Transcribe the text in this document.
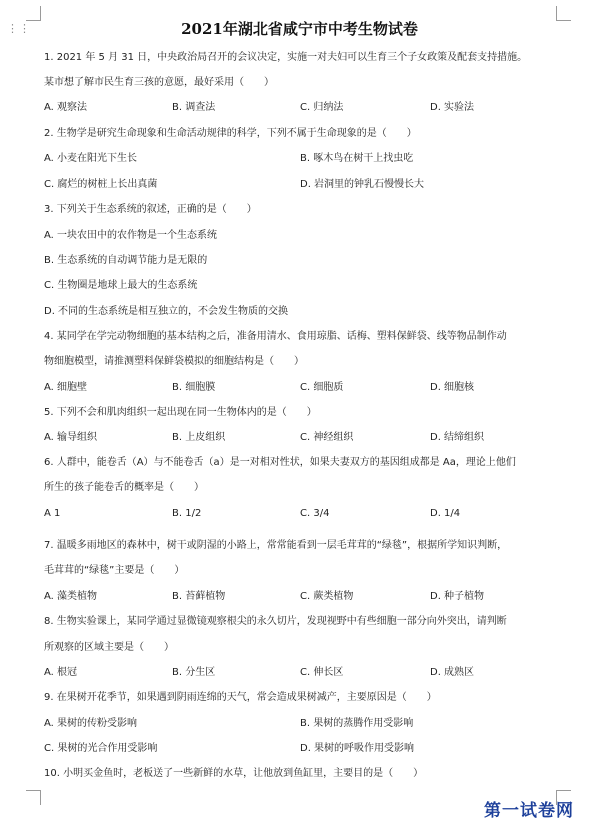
⋮⋮	2021年湖北省咸宁市中考生物试卷
1. 2021 年 5 月 31 日，中央政治局召开的会议决定，实施一对夫妇可以生育三个子女政策及配套支持措施。
某市想了解市民生育三孩的意愿，最好采用（　　）
A. 观察法	B. 调查法	C. 归纳法	D. 实验法
2. 生物学是研究生命现象和生命活动规律的科学，下列不属于生命现象的是（　　）
A. 小麦在阳光下生长	B. 啄木鸟在树干上找虫吃
C. 腐烂的树桩上长出真菌	D. 岩洞里的钟乳石慢慢长大
3. 下列关于生态系统的叙述，正确的是（　　）
A. 一块农田中的农作物是一个生态系统
B. 生态系统的自动调节能力是无限的
C. 生物圈是地球上最大的生态系统
D. 不同的生态系统是相互独立的，不会发生物质的交换
4. 某同学在学完动物细胞的基本结构之后，准备用清水、食用琼脂、话梅、塑料保鲜袋、线等物品制作动
物细胞模型，请推测塑料保鲜袋模拟的细胞结构是（　　）
A. 细胞壁	B. 细胞膜	C. 细胞质	D. 细胞核
5. 下列不会和肌肉组织一起出现在同一生物体内的是（　　）
A. 输导组织	B. 上皮组织	C. 神经组织	D. 结缔组织
6. 人群中，能卷舌（A）与不能卷舌（a）是一对相对性状，如果夫妻双方的基因组成都是 Aa，理论上他们
所生的孩子能卷舌的概率是（　　）
A 1	B. 1/2	C. 3/4	D. 1/4
7. 温暖多雨地区的森林中，树干或阴湿的小路上，常常能看到一层毛茸茸的“绿毯”，根据所学知识判断，
毛茸茸的“绿毯”主要是（　　）
A. 藻类植物	B. 苔藓植物	C. 蕨类植物	D. 种子植物
8. 生物实验课上，某同学通过显微镜观察根尖的永久切片，发现视野中有些细胞一部分向外突出，请判断
所观察的区域主要是（　　）
A. 根冠	B. 分生区	C. 伸长区	D. 成熟区
9. 在果树开花季节，如果遇到阴雨连绵的天气，常会造成果树减产，主要原因是（　　）
A. 果树的传粉受影响	B. 果树的蒸腾作用受影响
C. 果树的光合作用受影响	D. 果树的呼吸作用受影响
10. 小明买金鱼时，老板送了一些新鲜的水草，让他放到鱼缸里，主要目的是（　　）
第一试卷网
